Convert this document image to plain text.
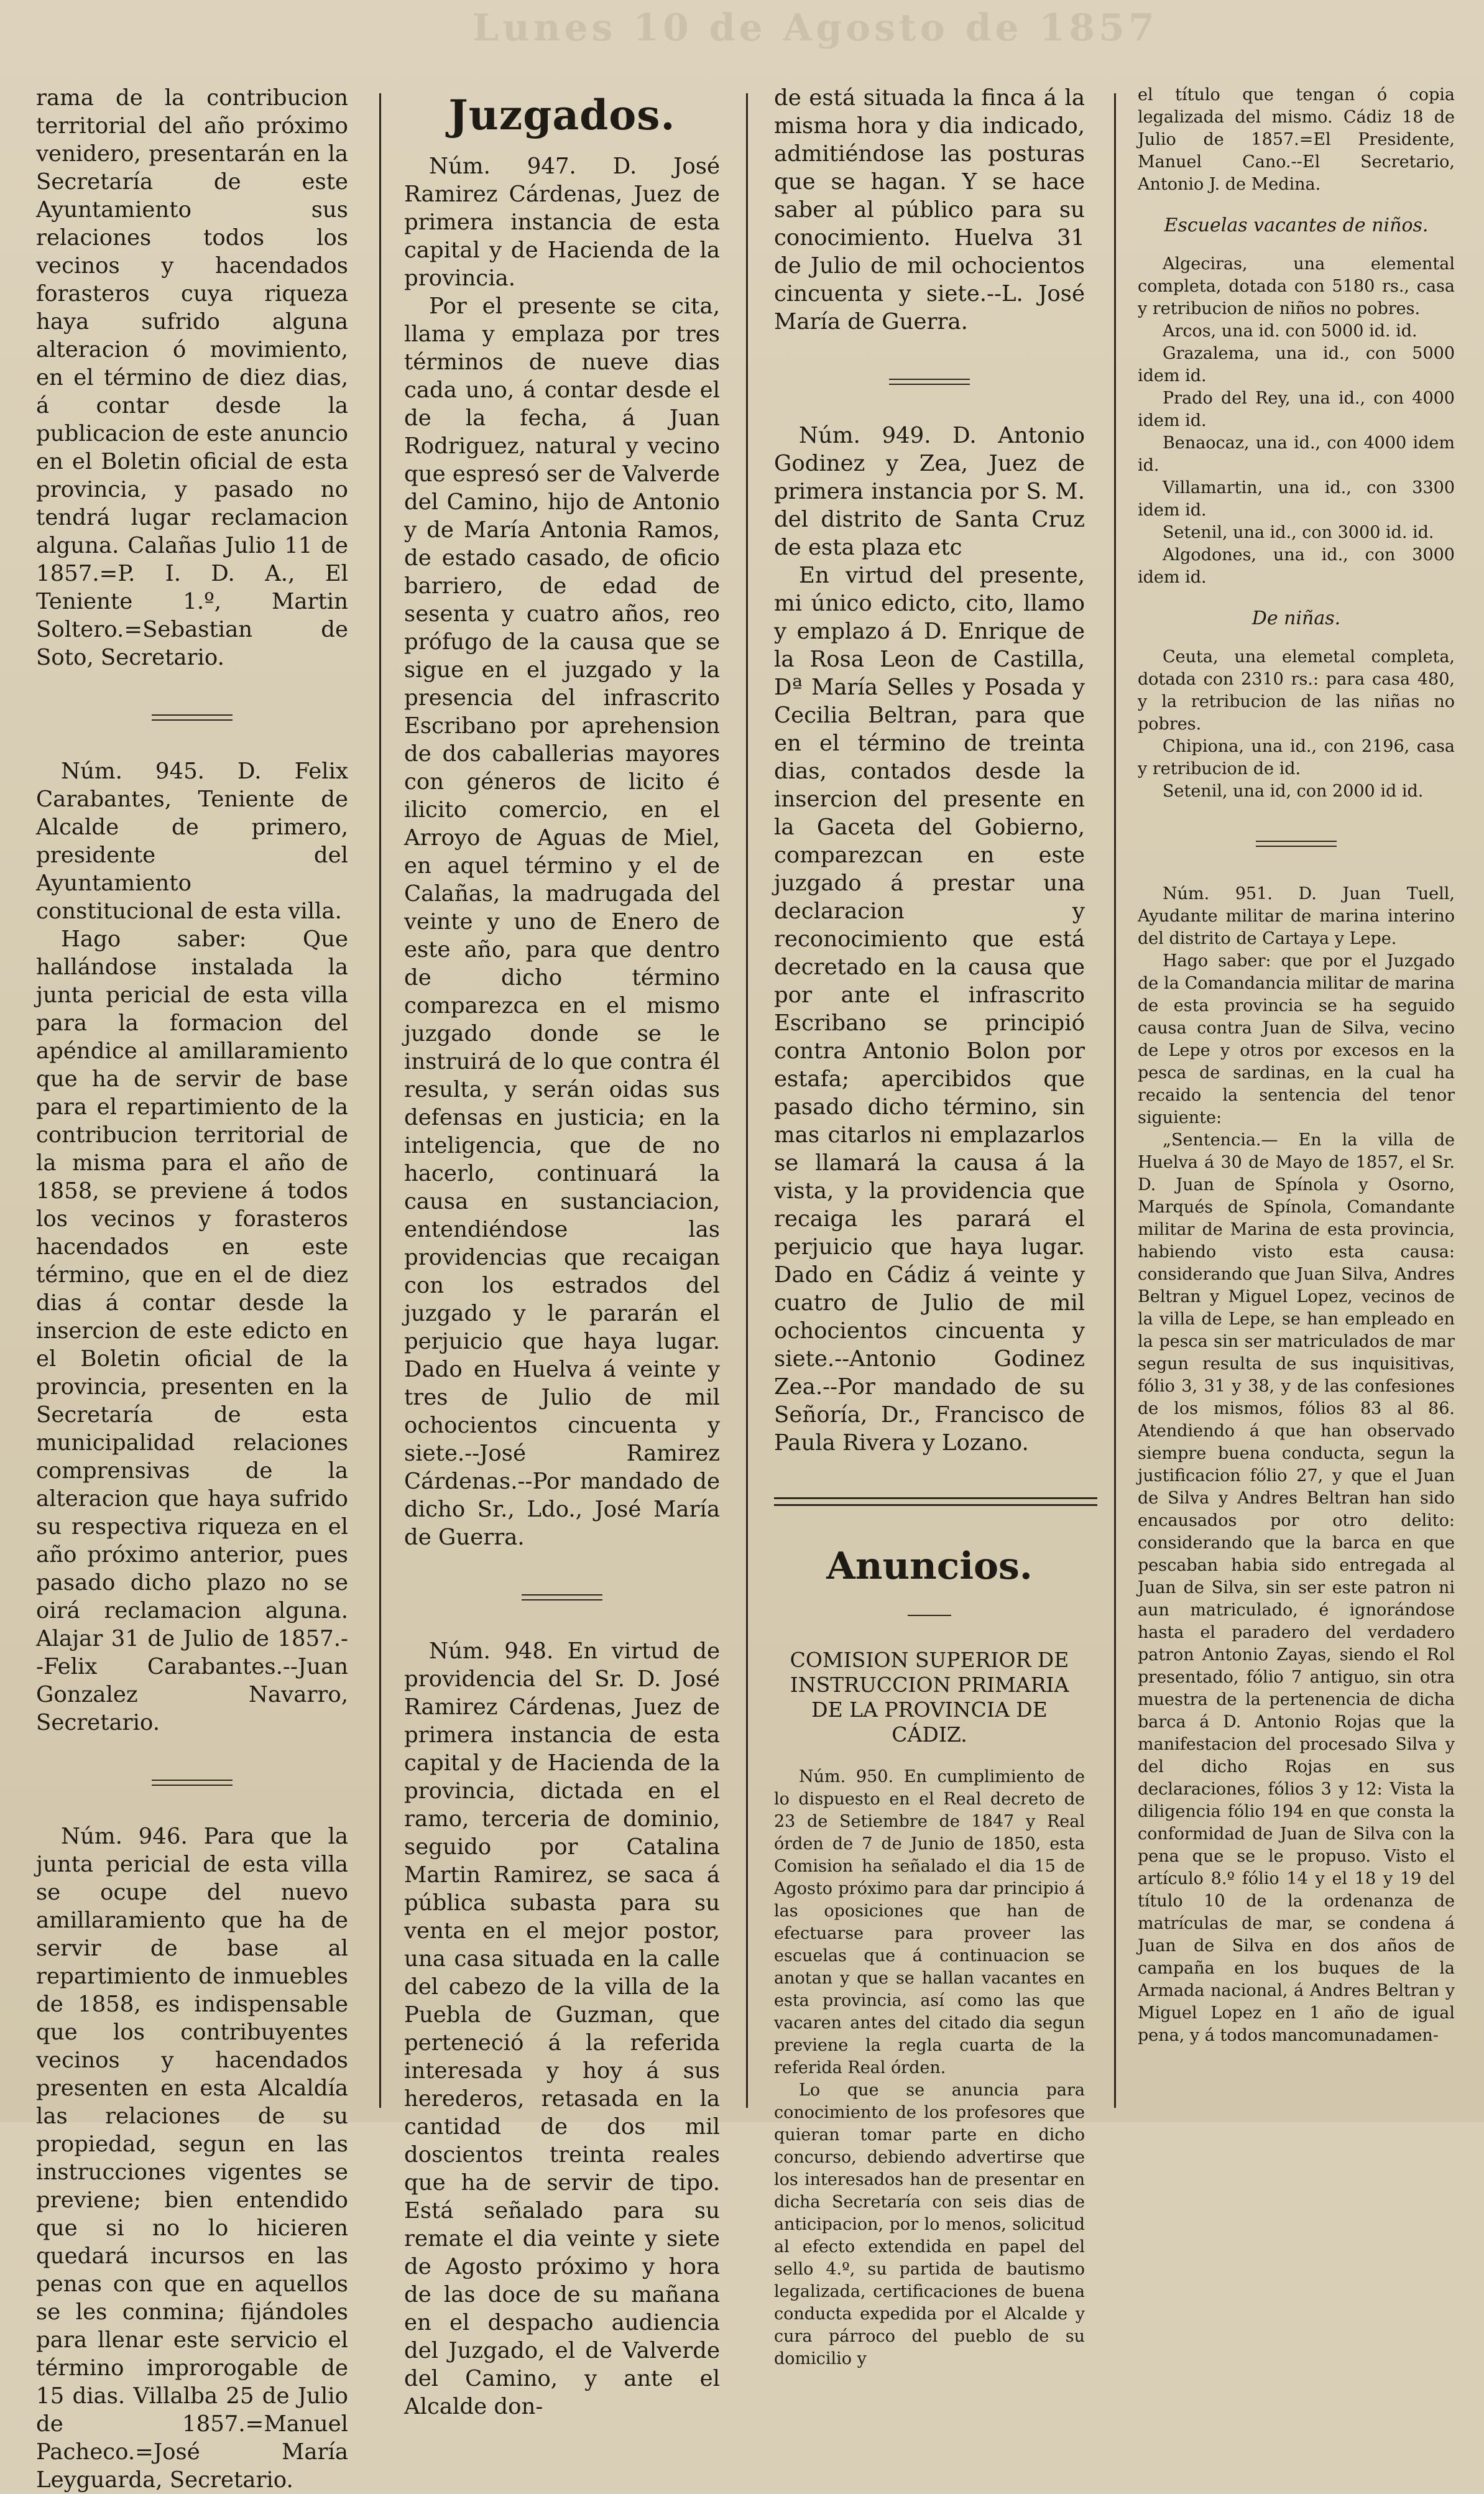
Lunes 10 de Agosto de 1857

rama de la contribucion territorial del año próximo venidero, presentarán en la Secretaría de este Ayuntamiento sus relaciones todos los vecinos y hacendados forasteros cuya riqueza haya sufrido alguna alteracion ó movimiento, en el término de diez dias, á contar desde la publicacion de este anuncio en el Boletin oficial de esta provincia, y pasado no tendrá lugar reclamacion alguna. Calañas Julio 11 de 1857.=P. I. D. A., El Teniente 1.º, Martin Soltero.=Sebastian de Soto, Secretario.

Núm. 945. D. Felix Carabantes, Teniente de Alcalde de primero, presidente del Ayuntamiento constitucional de esta villa.

Hago saber: Que hallándose instalada la junta pericial de esta villa para la formacion del apéndice al amillaramiento que ha de servir de base para el repartimiento de la contribucion territorial de la misma para el año de 1858, se previene á todos los vecinos y forasteros hacendados en este término, que en el de diez dias á contar desde la insercion de este edicto en el Boletin oficial de la provincia, presenten en la Secretaría de esta municipalidad relaciones comprensivas de la alteracion que haya sufrido su respectiva riqueza en el año próximo anterior, pues pasado dicho plazo no se oirá reclamacion alguna. Alajar 31 de Julio de 1857.--Felix Carabantes.--Juan Gonzalez Navarro, Secretario.

Núm. 946. Para que la junta pericial de esta villa se ocupe del nuevo amillaramiento que ha de servir de base al repartimiento de inmuebles de 1858, es indispensable que los contribuyentes vecinos y hacendados presenten en esta Alcaldía las relaciones de su propiedad, segun en las instrucciones vigentes se previene; bien entendido que si no lo hicieren quedará incursos en las penas con que en aquellos se les conmina; fijándoles para llenar este servicio el término improrogable de 15 dias. Villalba 25 de Julio de 1857.=Manuel Pacheco.=José María Leyguarda, Secretario.

Juzgados.

Núm. 947. D. José Ramirez Cárdenas, Juez de primera instancia de esta capital y de Hacienda de la provincia.

Por el presente se cita, llama y emplaza por tres términos de nueve dias cada uno, á contar desde el de la fecha, á Juan Rodriguez, natural y vecino que espresó ser de Valverde del Camino, hijo de Antonio y de María Antonia Ramos, de estado casado, de oficio barriero, de edad de sesenta y cuatro años, reo prófugo de la causa que se sigue en el juzgado y la presencia del infrascrito Escribano por aprehension de dos caballerias mayores con géneros de licito é ilicito comercio, en el Arroyo de Aguas de Miel, en aquel término y el de Calañas, la madrugada del veinte y uno de Enero de este año, para que dentro de dicho término comparezca en el mismo juzgado donde se le instruirá de lo que contra él resulta, y serán oidas sus defensas en justicia; en la inteligencia, que de no hacerlo, continuará la causa en sustanciacion, entendiéndose las providencias que recaigan con los estrados del juzgado y le pararán el perjuicio que haya lugar. Dado en Huelva á veinte y tres de Julio de mil ochocientos cincuenta y siete.--José Ramirez Cárdenas.--Por mandado de dicho Sr., Ldo., José María de Guerra.

Núm. 948. En virtud de providencia del Sr. D. José Ramirez Cárdenas, Juez de primera instancia de esta capital y de Hacienda de la provincia, dictada en el ramo, terceria de dominio, seguido por Catalina Martin Ramirez, se saca á pública subasta para su venta en el mejor postor, una casa situada en la calle del cabezo de la villa de la Puebla de Guzman, que perteneció á la referida interesada y hoy á sus herederos, retasada en la cantidad de dos mil doscientos treinta reales que ha de servir de tipo. Está señalado para su remate el dia veinte y siete de Agosto próximo y hora de las doce de su mañana en el despacho audiencia del Juzgado, el de Valverde del Camino, y ante el Alcalde don-

de está situada la finca á la misma hora y dia indicado, admitiéndose las posturas que se hagan. Y se hace saber al público para su conocimiento. Huelva 31 de Julio de mil ochocientos cincuenta y siete.--L. José María de Guerra.

Núm. 949. D. Antonio Godinez y Zea, Juez de primera instancia por S. M. del distrito de Santa Cruz de esta plaza etc

En virtud del presente, mi único edicto, cito, llamo y emplazo á D. Enrique de la Rosa Leon de Castilla, Dª María Selles y Posada y Cecilia Beltran, para que en el término de treinta dias, contados desde la insercion del presente en la Gaceta del Gobierno, comparezcan en este juzgado á prestar una declaracion y reconocimiento que está decretado en la causa que por ante el infrascrito Escribano se principió contra Antonio Bolon por estafa; apercibidos que pasado dicho término, sin mas citarlos ni emplazarlos se llamará la causa á la vista, y la providencia que recaiga les parará el perjuicio que haya lugar. Dado en Cádiz á veinte y cuatro de Julio de mil ochocientos cincuenta y siete.--Antonio Godinez Zea.--Por mandado de su Señoría, Dr., Francisco de Paula Rivera y Lozano.

Anuncios.
COMISION SUPERIOR DE INSTRUCCION PRIMARIA DE LA PROVINCIA DE CÁDIZ.

Núm. 950. En cumplimiento de lo dispuesto en el Real decreto de 23 de Setiembre de 1847 y Real órden de 7 de Junio de 1850, esta Comision ha señalado el dia 15 de Agosto próximo para dar principio á las oposiciones que han de efectuarse para proveer las escuelas que á continuacion se anotan y que se hallan vacantes en esta provincia, así como las que vacaren antes del citado dia segun previene la regla cuarta de la referida Real órden.

Lo que se anuncia para conocimiento de los profesores que quieran tomar parte en dicho concurso, debiendo advertirse que los interesados han de presentar en dicha Secretaría con seis dias de anticipacion, por lo menos, solicitud al efecto extendida en papel del sello 4.º, su partida de bautismo legalizada, certificaciones de buena conducta expedida por el Alcalde y cura párroco del pueblo de su domicilio y

el título que tengan ó copia legalizada del mismo. Cádiz 18 de Julio de 1857.=El Presidente, Manuel Cano.--El Secretario, Antonio J. de Medina.

Escuelas vacantes de niños.

Algeciras, una elemental completa, dotada con 5180 rs., casa y retribucion de niños no pobres.

Arcos, una id. con 5000 id. id.

Grazalema, una id., con 5000 idem id.

Prado del Rey, una id., con 4000 idem id.

Benaocaz, una id., con 4000 idem id.

Villamartin, una id., con 3300 idem id.

Setenil, una id., con 3000 id. id.

Algodones, una id., con 3000 idem id.

De niñas.

Ceuta, una elemetal completa, dotada con 2310 rs.: para casa 480, y la retribucion de las niñas no pobres.

Chipiona, una id., con 2196, casa y retribucion de id.

Setenil, una id, con 2000 id id.

Núm. 951. D. Juan Tuell, Ayudante militar de marina interino del distrito de Cartaya y Lepe.

Hago saber: que por el Juzgado de la Comandancia militar de marina de esta provincia se ha seguido causa contra Juan de Silva, vecino de Lepe y otros por excesos en la pesca de sardinas, en la cual ha recaido la sentencia del tenor siguiente:

„Sentencia.— En la villa de Huelva á 30 de Mayo de 1857, el Sr. D. Juan de Spínola y Osorno, Marqués de Spínola, Comandante militar de Marina de esta provincia, habiendo visto esta causa: considerando que Juan Silva, Andres Beltran y Miguel Lopez, vecinos de la villa de Lepe, se han empleado en la pesca sin ser matriculados de mar segun resulta de sus inquisitivas, fólio 3, 31 y 38, y de las confesiones de los mismos, fólios 83 al 86. Atendiendo á que han observado siempre buena conducta, segun la justificacion fólio 27, y que el Juan de Silva y Andres Beltran han sido encausados por otro delito: considerando que la barca en que pescaban habia sido entregada al Juan de Silva, sin ser este patron ni aun matriculado, é ignorándose hasta el paradero del verdadero patron Antonio Zayas, siendo el Rol presentado, fólio 7 antiguo, sin otra muestra de la pertenencia de dicha barca á D. Antonio Rojas que la manifestacion del procesado Silva y del dicho Rojas en sus declaraciones, fólios 3 y 12: Vista la diligencia fólio 194 en que consta la conformidad de Juan de Silva con la pena que se le propuso. Visto el artículo 8.º fólio 14 y el 18 y 19 del título 10 de la ordenanza de matrículas de mar, se condena á Juan de Silva en dos años de campaña en los buques de la Armada nacional, á Andres Beltran y Miguel Lopez en 1 año de igual pena, y á todos mancomunadamen-
